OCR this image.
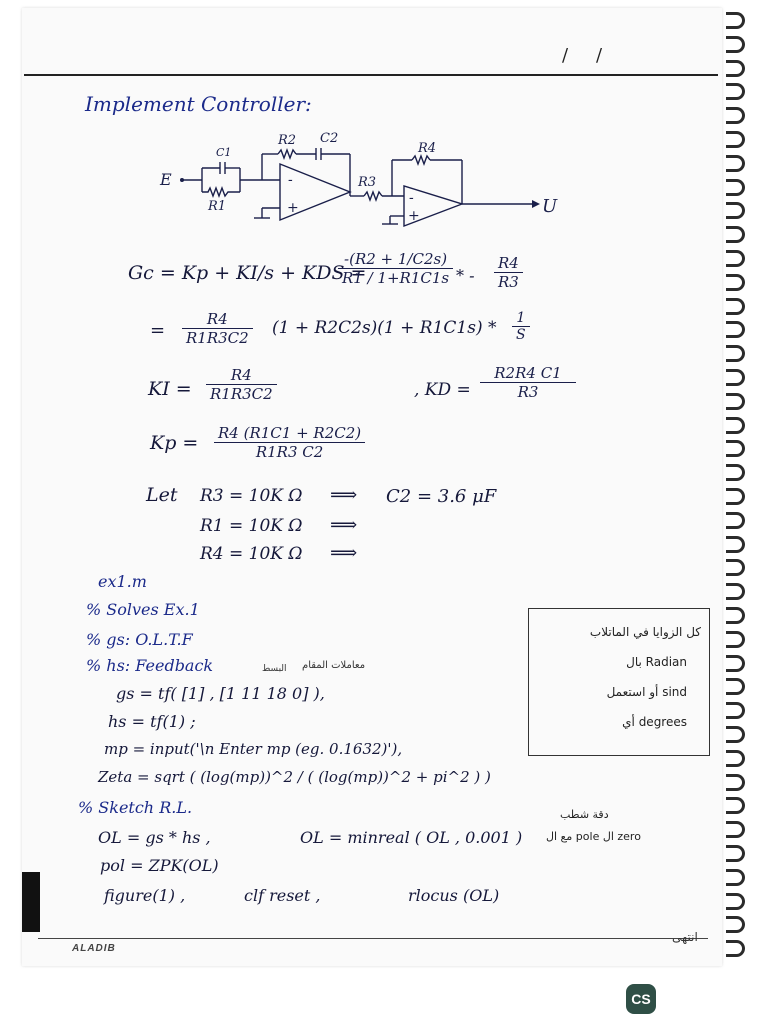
/ /
Implement Controller:
E
U
C1
R1
R2 C2
R3
R4
-
+
-
+
Gc = Kp + KI/s + KDS =
$\frac{-(R2 + 1/C2s)}{R1 / 1+R1C1s}$ * - $\frac{R4}{R3}$
= $\frac{R4}{R1R3C2} (1 + R2C2s)(1 + R1C1s) * \frac{1}{S}$
KI = $\frac{R4}{R1R3C2}$	, KD = $\frac{R2R4 C1}{R3}$
$Kp = \frac{R4 (R1C1 + R2C2)}{R1R3 C2}$
Let R3 = 10K Ω ⟹ C2 = 3.6 μF
R1 = 10K Ω ⟹
R4 = 10K Ω ⟹
ex1.m
% Solves Ex.1
% gs: O.L.T.F
% hs: Feedback	البسط معاملات المقام
gs = tf( [1] , [1 11 18 0] ),
hs = tf(1) ;
mp = input('\n Enter mp (eg. 0.1632)'),
Zeta = sqrt ( (log(mp))^2 / ( (log(mp))^2 + pi^2 ) )
% Sketch R.L.
OL = gs * hs ,	OL = minreal ( OL , 0.001 )
دقة شطب
zero ال pole مع ال
pol = ZPK(OL)
figure(1) ,	clf reset ,	rlocus (OL)
كل الزوايا في الماتلاب
Radian بال
sind أو استعمل
degrees أي
ALADIB
انتهى
CS
